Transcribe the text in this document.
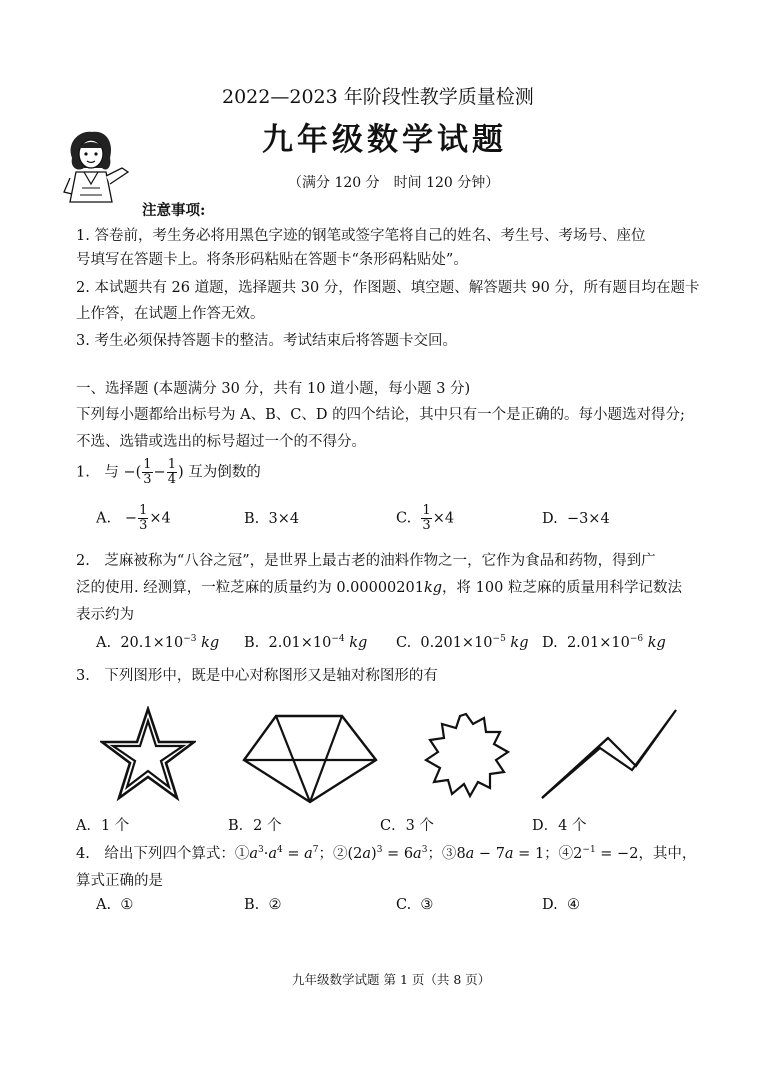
2022—2023 年阶段性教学质量检测
九年级数学试题
（满分 120 分　时间 120 分钟）
注意事项:
1. 答卷前，考生务必将用黑色字迹的钢笔或签字笔将自己的姓名、考生号、考场号、座位
号填写在答题卡上。将条形码粘贴在答题卡“条形码粘贴处”。
2. 本试题共有 26 道题，选择题共 30 分，作图题、填空题、解答题共 90 分，所有题目均在题卡
上作答，在试题上作答无效。
3. 考生必须保持答题卡的整洁。考试结束后将答题卡交回。
一、选择题 (本题满分 30 分，共有 10 道小题，每小题 3 分)
下列每小题都给出标号为 A、B、C、D 的四个结论，其中只有一个是正确的。每小题选对得分;
不选、选错或选出的标号超过一个的不得分。
1.　与 −( $\frac{1}{3} - \frac{1}{4}$ ) 互为倒数的
A.   − $\frac{1}{3} \times 4$	B. 3×4	C. $\frac{1}{3} \times 4$	D. −3×4
2.　芝麻被称为“八谷之冠”，是世界上最古老的油料作物之一，它作为食品和药物，得到广
泛的使用. 经测算，一粒芝麻的质量约为 0.00000201kg，将 100 粒芝麻的质量用科学记数法
表示约为
A. $20.1\times 10^{-3}$ kg B. $2.01\times 10^{-4}$ kg C. $0.201\times 10^{-5}$ kg D. $2.01\times 10^{-6}$ kg
3.　下列图形中，既是中心对称图形又是轴对称图形的有
A．1 个	B．2 个	C．3 个	D．4 个
4.　给出下列四个算式：$①a^3\cdot a^4 = a^7$；$②(2a)^3 = 6a^3$；③8a − 7a = 1；$④2^{-1} = -2$，其中，
算式正确的是
A. ①	B. ②	C. ③	D. ④
九年级数学试题 第 1 页（共 8 页）
